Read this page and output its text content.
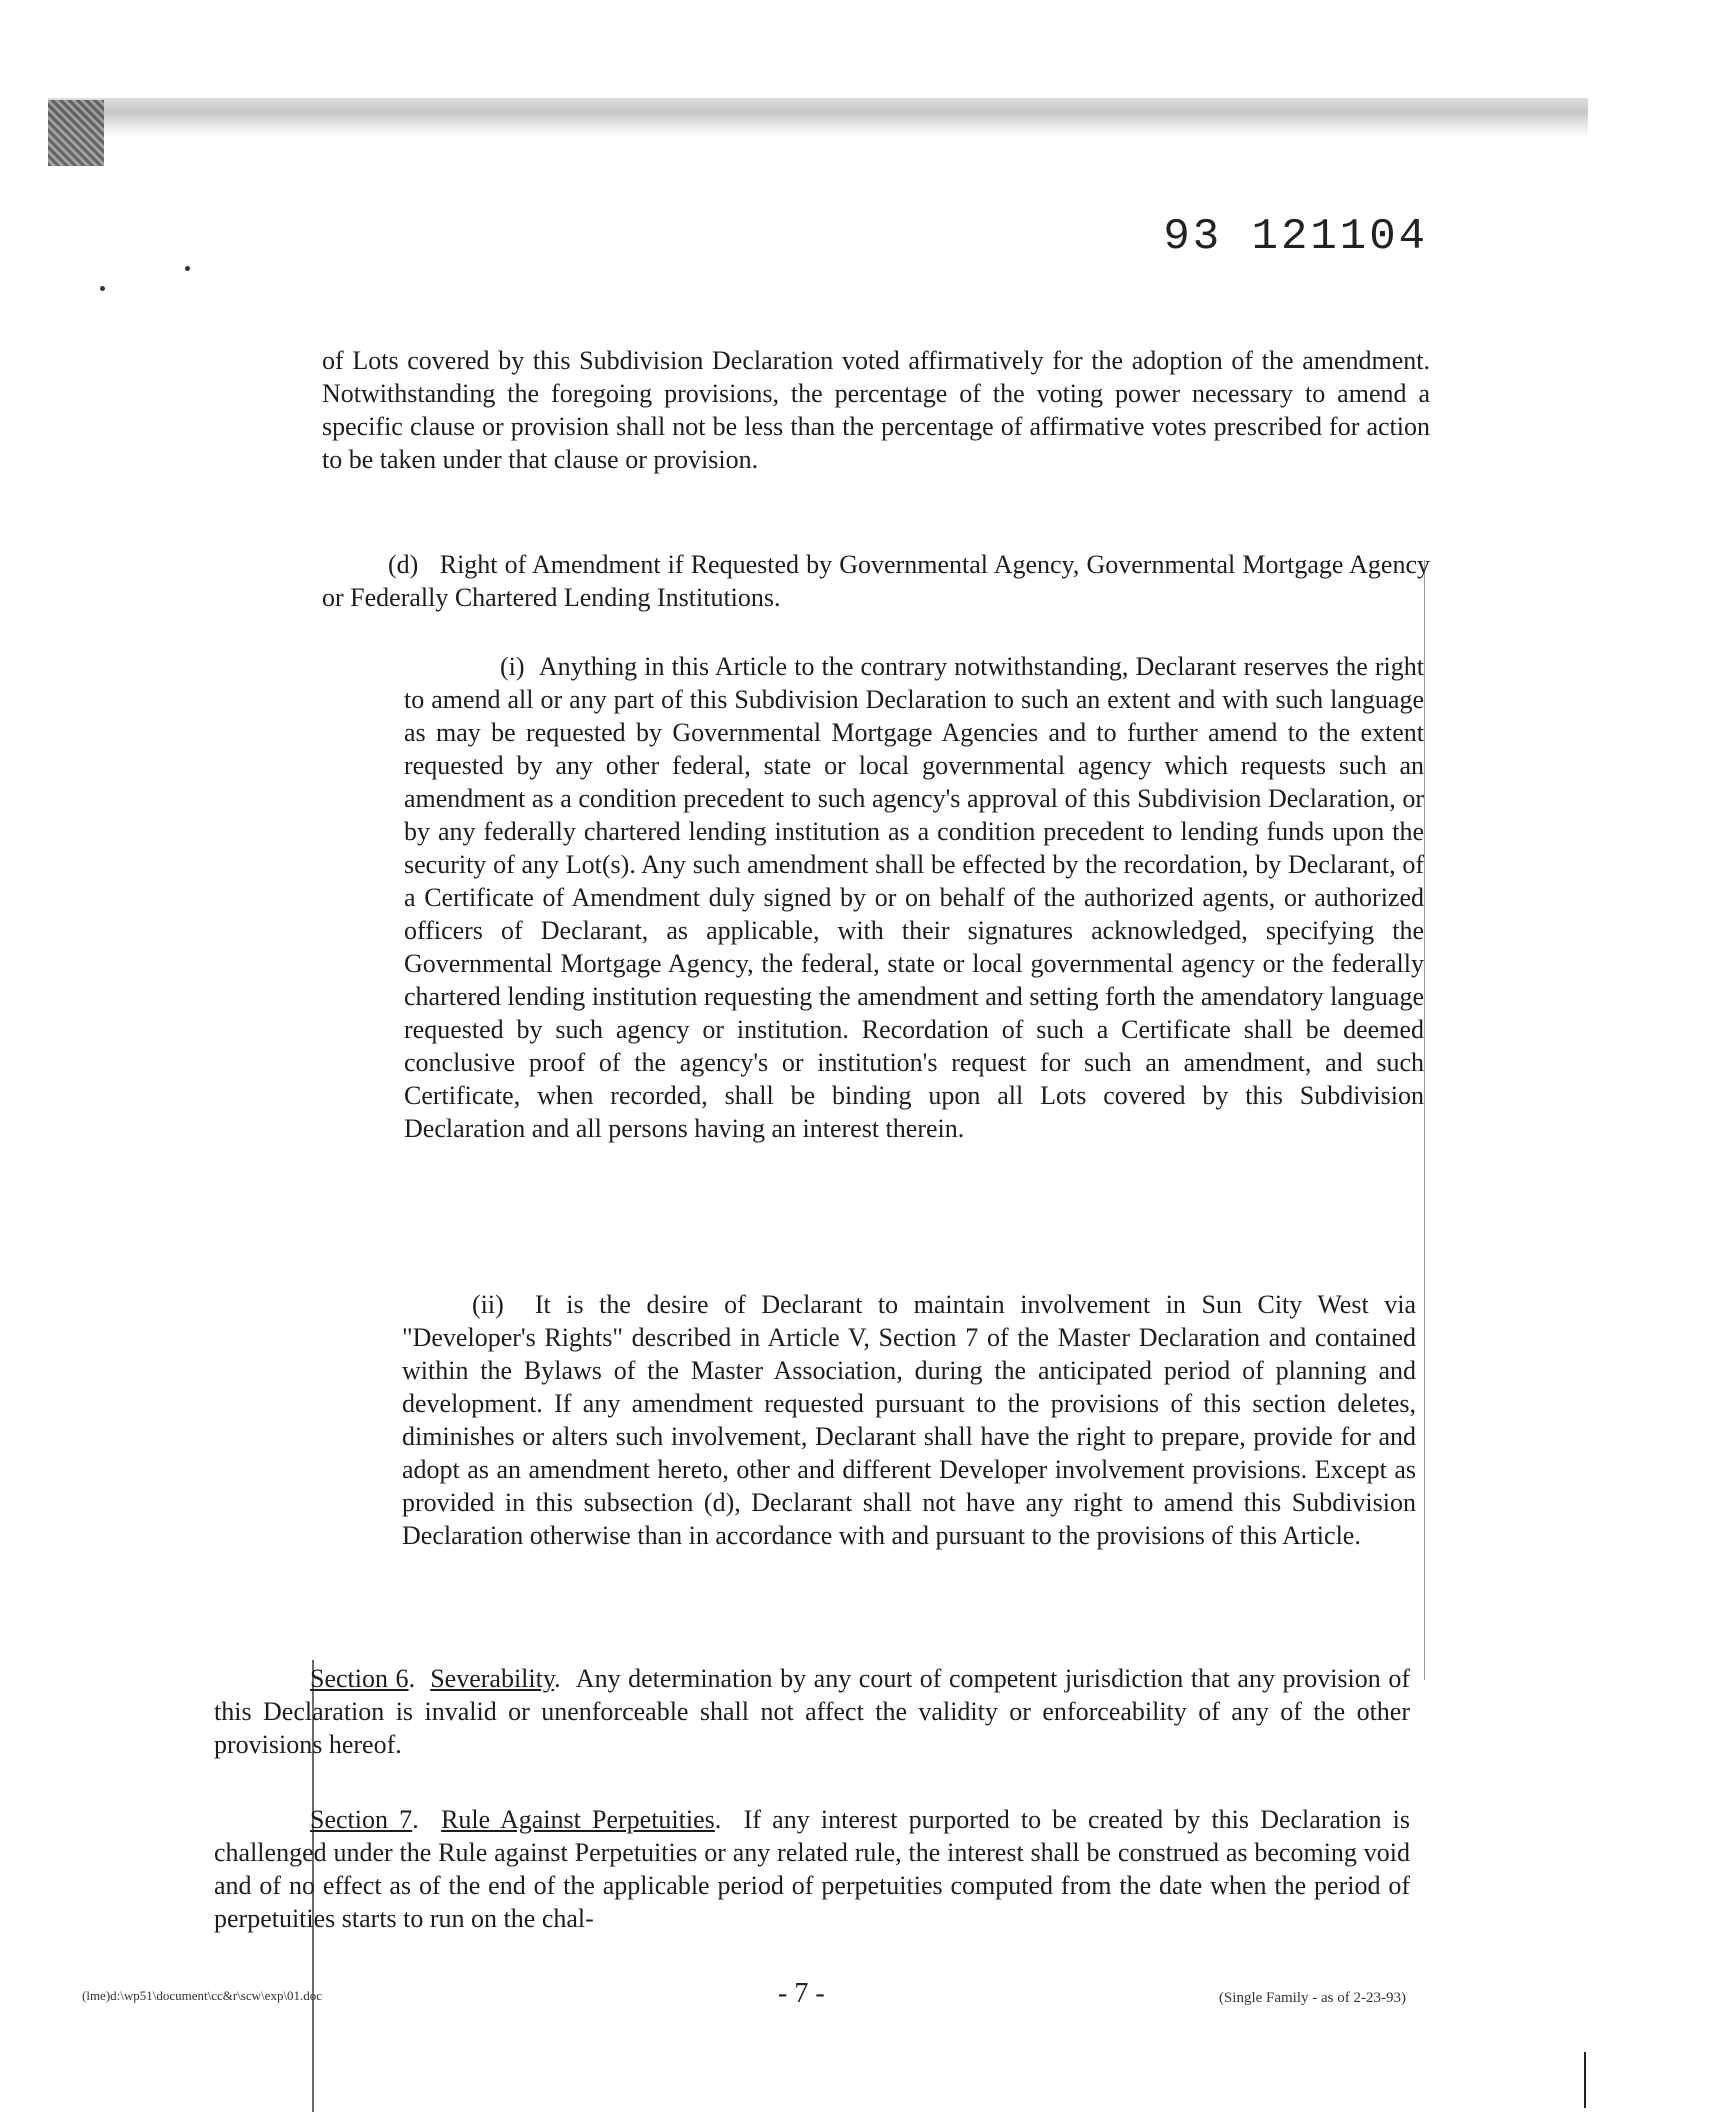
93 121104

of Lots covered by this Subdivision Declaration voted affirmatively for the adoption of the amendment. Notwithstanding the foregoing provisions, the percentage of the voting power necessary to amend a specific clause or provision shall not be less than the percentage of affirmative votes prescribed for action to be taken under that clause or provision.

(d) Right of Amendment if Requested by Governmental Agency, Governmental Mortgage Agency or Federally Chartered Lending Institutions.

(i) Anything in this Article to the contrary notwithstanding, Declarant reserves the right to amend all or any part of this Subdivision Declaration to such an extent and with such language as may be requested by Governmental Mortgage Agencies and to further amend to the extent requested by any other federal, state or local governmental agency which requests such an amendment as a condition precedent to such agency's approval of this Subdivision Declaration, or by any federally chartered lending institution as a condition precedent to lending funds upon the security of any Lot(s). Any such amendment shall be effected by the recordation, by Declarant, of a Certificate of Amendment duly signed by or on behalf of the authorized agents, or authorized officers of Declarant, as applicable, with their signatures acknowledged, specifying the Governmental Mortgage Agency, the federal, state or local governmental agency or the federally chartered lending institution requesting the amendment and setting forth the amendatory language requested by such agency or institution. Recordation of such a Certificate shall be deemed conclusive proof of the agency's or institution's request for such an amendment, and such Certificate, when recorded, shall be binding upon all Lots covered by this Subdivision Declaration and all persons having an interest therein.

(ii) It is the desire of Declarant to maintain involvement in Sun City West via "Developer's Rights" described in Article V, Section 7 of the Master Declaration and contained within the Bylaws of the Master Association, during the anticipated period of planning and development. If any amendment requested pursuant to the provisions of this section deletes, diminishes or alters such involvement, Declarant shall have the right to prepare, provide for and adopt as an amendment hereto, other and different Developer involvement provisions. Except as provided in this subsection (d), Declarant shall not have any right to amend this Subdivision Declaration otherwise than in accordance with and pursuant to the provisions of this Article.

Section 6.  Severability.  Any determination by any court of competent jurisdiction that any provision of this Declaration is invalid or unenforceable shall not affect the validity or enforceability of any of the other provisions hereof.

Section 7.  Rule Against Perpetuities.  If any interest purported to be created by this Declaration is challenged under the Rule against Perpetuities or any related rule, the interest shall be construed as becoming void and of no effect as of the end of the applicable period of perpetuities computed from the date when the period of perpetuities starts to run on the chal-

(lme)d:\wp51\document\cc&r\scw\exp\01.doc	- 7 -	(Single Family - as of 2-23-93)
